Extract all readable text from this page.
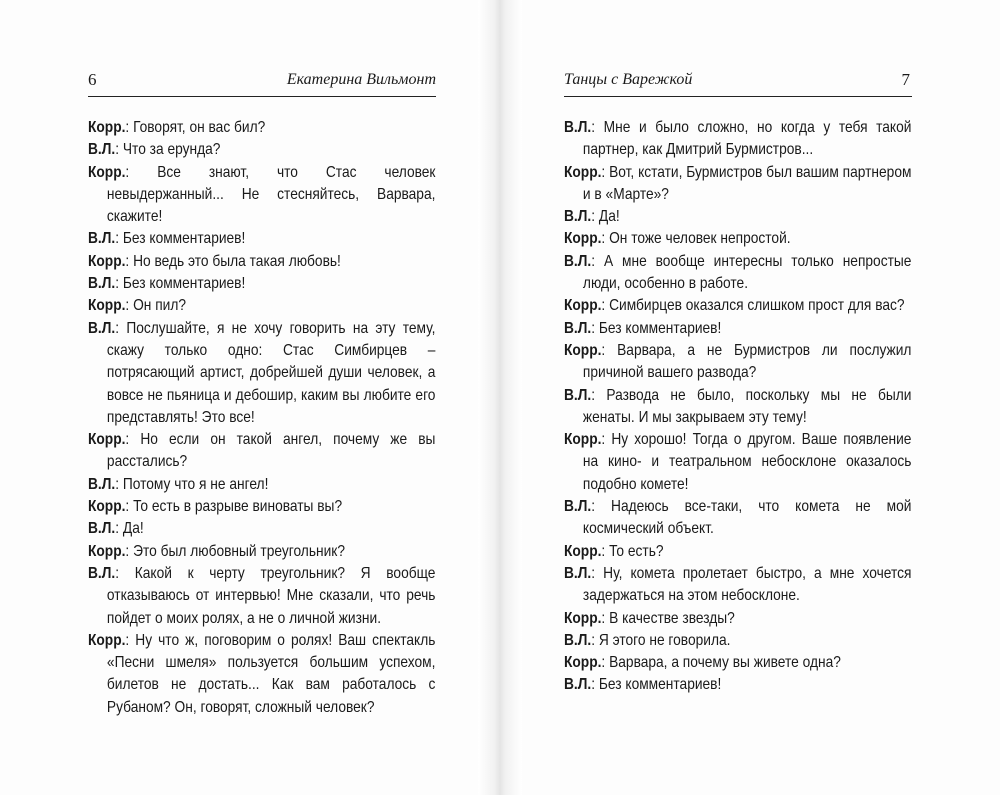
6	Екатерина Вильмонт

Корр.: Говорят, он вас бил?

В.Л.: Что за ерунда?

Корр.: Все знают, что Стас человек невыдержанный... Не стесняйтесь, Варвара, скажите!

В.Л.: Без комментариев!

Корр.: Но ведь это была такая любовь!

В.Л.: Без комментариев!

Корр.: Он пил?

В.Л.: Послушайте, я не хочу говорить на эту тему, скажу только одно: Стас Симбирцев – потрясающий артист, добрейшей души человек, а вовсе не пьяница и дебошир, каким вы любите его представлять! Это все!

Корр.: Но если он такой ангел, почему же вы расстались?

В.Л.: Потому что я не ангел!

Корр.: То есть в разрыве виноваты вы?

В.Л.: Да!

Корр.: Это был любовный треугольник?

В.Л.: Какой к черту треугольник? Я вообще отказываюсь от интервью! Мне сказали, что речь пойдет о моих ролях, а не о личной жизни.

Корр.: Ну что ж, поговорим о ролях! Ваш спектакль «Песни шмеля» пользуется большим успехом, билетов не достать... Как вам работалось с Рубаном? Он, говорят, сложный человек?

Танцы с Варежкой	7

В.Л.: Мне и было сложно, но когда у тебя такой партнер, как Дмитрий Бурмистров...

Корр.: Вот, кстати, Бурмистров был вашим партнером и в «Марте»?

В.Л.: Да!

Корр.: Он тоже человек непростой.

В.Л.: А мне вообще интересны только непростые люди, особенно в работе.

Корр.: Симбирцев оказался слишком прост для вас?

В.Л.: Без комментариев!

Корр.: Варвара, а не Бурмистров ли послужил причиной вашего развода?

В.Л.: Развода не было, поскольку мы не были женаты. И мы закрываем эту тему!

Корр.: Ну хорошо! Тогда о другом. Ваше появление на кино- и театральном небосклоне оказалось подобно комете!

В.Л.: Надеюсь все-таки, что комета не мой космический объект.

Корр.: То есть?

В.Л.: Ну, комета пролетает быстро, а мне хочется задержаться на этом небосклоне.

Корр.: В качестве звезды?

В.Л.: Я этого не говорила.

Корр.: Варвара, а почему вы живете одна?

В.Л.: Без комментариев!
